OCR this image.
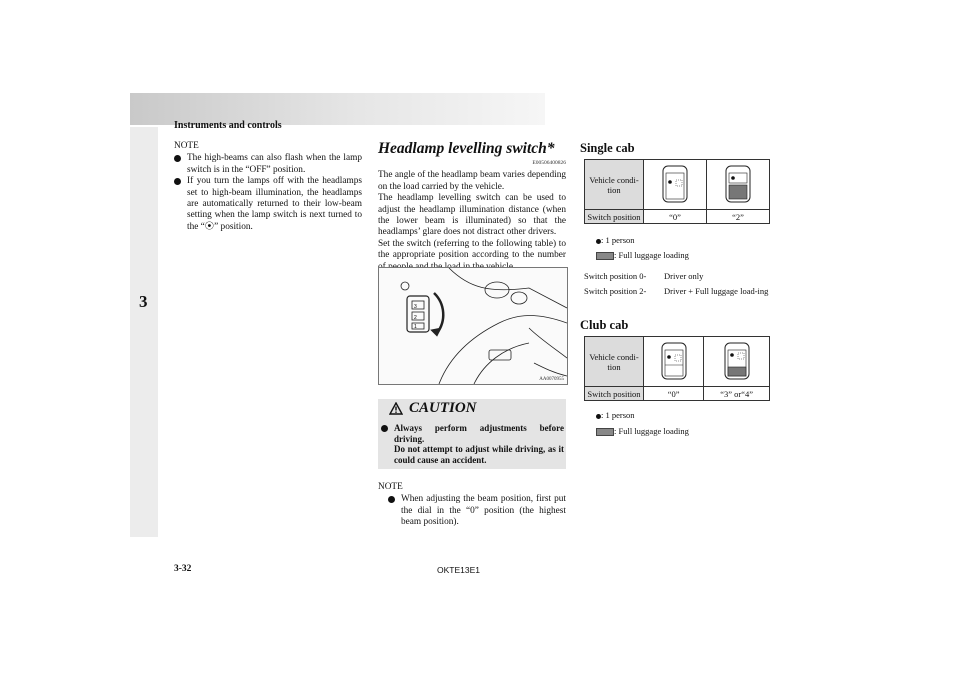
Instruments and controls
3
NOTE
The high-beams can also flash when the lamp switch is in the “OFF” position.
If you turn the lamps off with the headlamps set to high-beam illumination, the headlamps are automatically returned to their low-beam setting when the lamp switch is next turned to the “⦿” position.
Headlamp levelling switch*
E00506400826

The angle of the headlamp beam varies depending on the load carried by the vehicle.

The headlamp levelling switch can be used to adjust the headlamp illumination distance (when the lower beam is illuminated) so that the headlamps’ glare does not distract other drivers.

Set the switch (referring to the following table) to the appropriate position according to the number

3
2
1
AA0070955
CAUTION
Always perform adjustments before driving.
Do not attempt to adjust while driving, as it could cause an accident.
NOTE
When adjusting the beam position, first put the dial in the “0” position (the highest beam position).
Single cab
Vehicle condi-tion		
Switch position	“0”	“2”
: 1 person
: Full luggage loading
Switch position 0-	Driver only
Switch position 2-	Driver + Full luggage load-ing
Club cab
Vehicle condi-tion		
Switch position	“0”	“3” or“4”
: 1 person
: Full luggage loading
3-32	OKTE13E1
